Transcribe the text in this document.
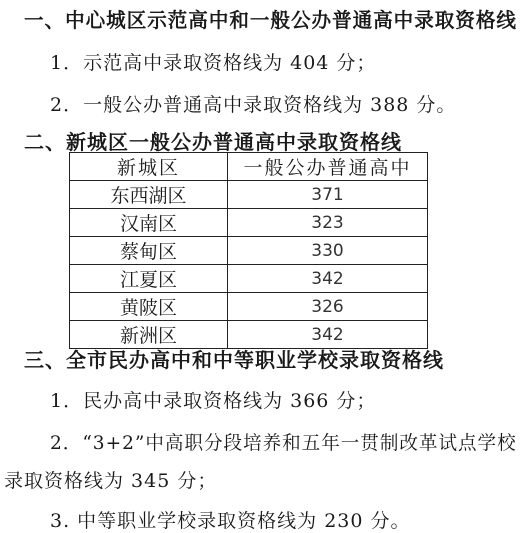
一、中心城区示范高中和一般公办普通高中录取资格线
1．示范高中录取资格线为 404 分；
2．一般公办普通高中录取资格线为 388 分。
二、新城区一般公办普通高中录取资格线
新城区	一般公办普通高中
东西湖区	371
汉南区	323
蔡甸区	330
江夏区	342
黄陂区	326
新洲区	342
三、全市民办高中和中等职业学校录取资格线
1．民办高中录取资格线为 366 分；
2．“3+2”中高职分段培养和五年一贯制改革试点学校
录取资格线为 345 分；
3. 中等职业学校录取资格线为 230 分。
